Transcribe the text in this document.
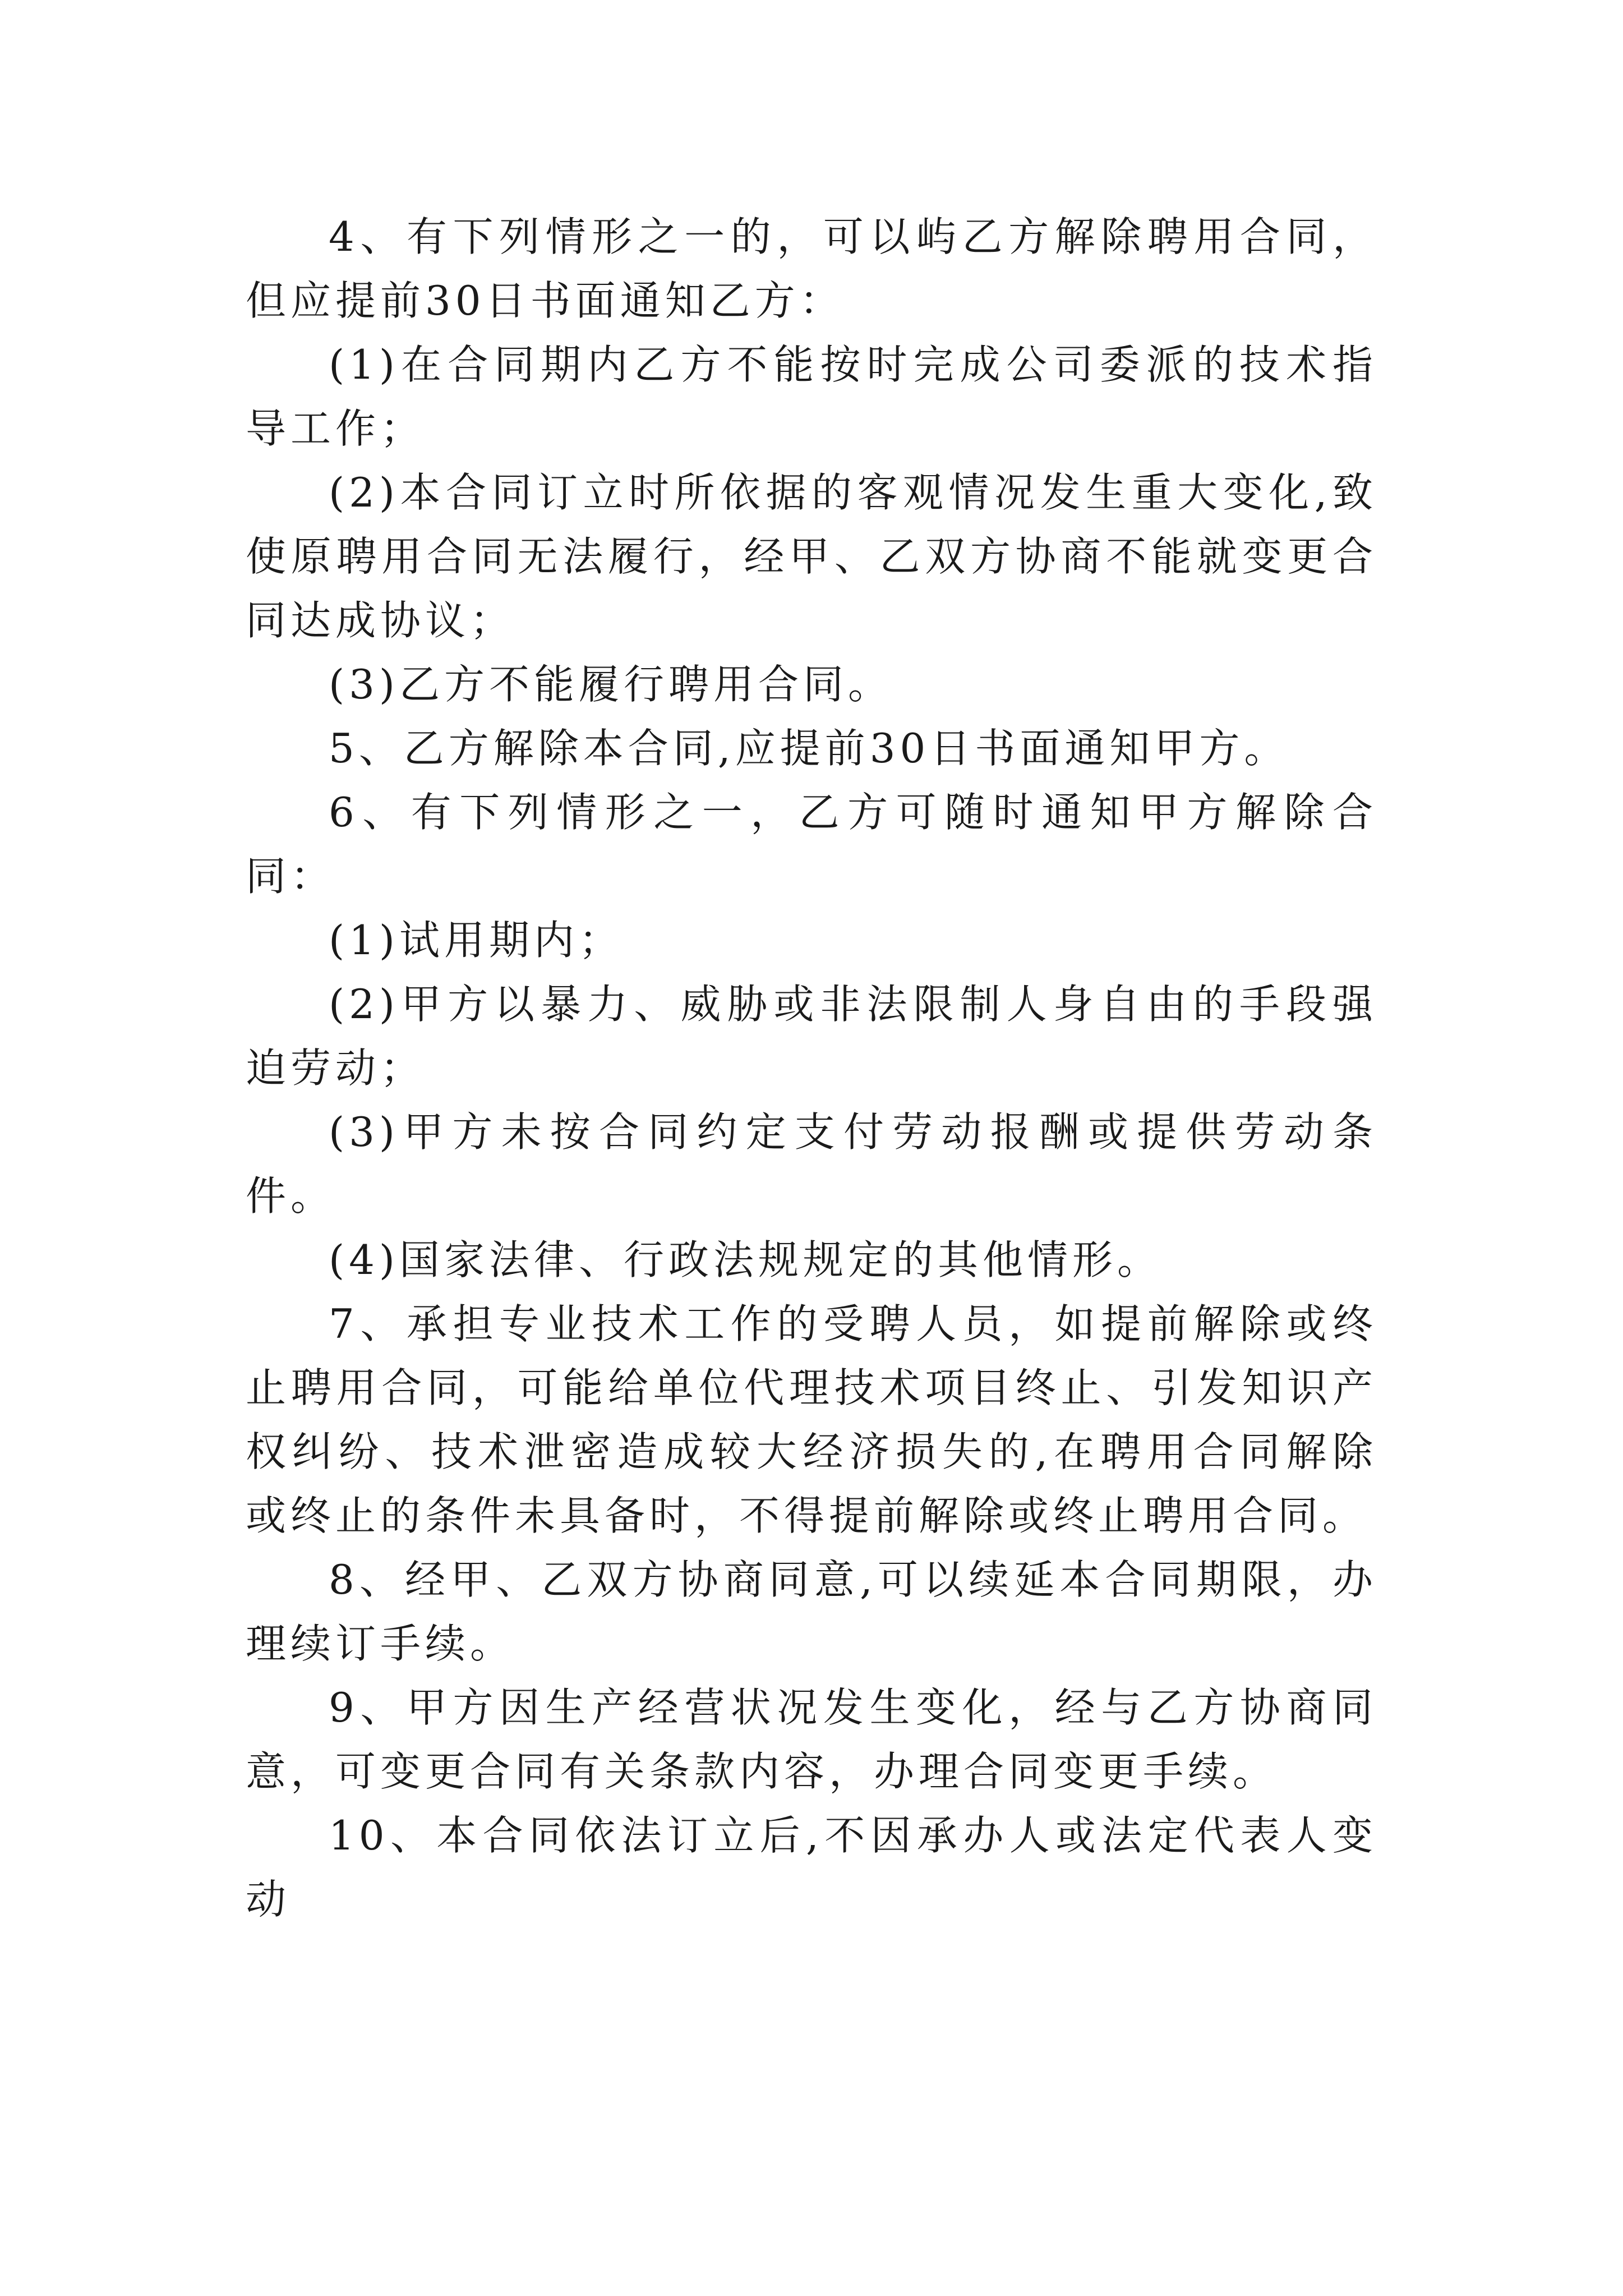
4、有下列情形之一的，可以屿乙方解除聘用合同，但应提前30日书面通知乙方：

(1)在合同期内乙方不能按时完成公司委派的技术指导工作；

(2)本合同订立时所依据的客观情况发生重大变化,致使原聘用合同无法履行，经甲、乙双方协商不能就变更合同达成协议；

(3)乙方不能履行聘用合同。

5、乙方解除本合同,应提前30日书面通知甲方。

6、有下列情形之一，乙方可随时通知甲方解除合同：

(1)试用期内；

(2)甲方以暴力、威胁或非法限制人身自由的手段强迫劳动；

(3)甲方未按合同约定支付劳动报酬或提供劳动条件。

(4)国家法律、行政法规规定的其他情形。

7、承担专业技术工作的受聘人员，如提前解除或终止聘用合同，可能给单位代理技术项目终止、引发知识产权纠纷、技术泄密造成较大经济损失的,在聘用合同解除或终止的条件未具备时，不得提前解除或终止聘用合同。

8、经甲、乙双方协商同意,可以续延本合同期限，办理续订手续。

9、甲方因生产经营状况发生变化，经与乙方协商同意，可变更合同有关条款内容，办理合同变更手续。

10、本合同依法订立后,不因承办人或法定代表人变动
